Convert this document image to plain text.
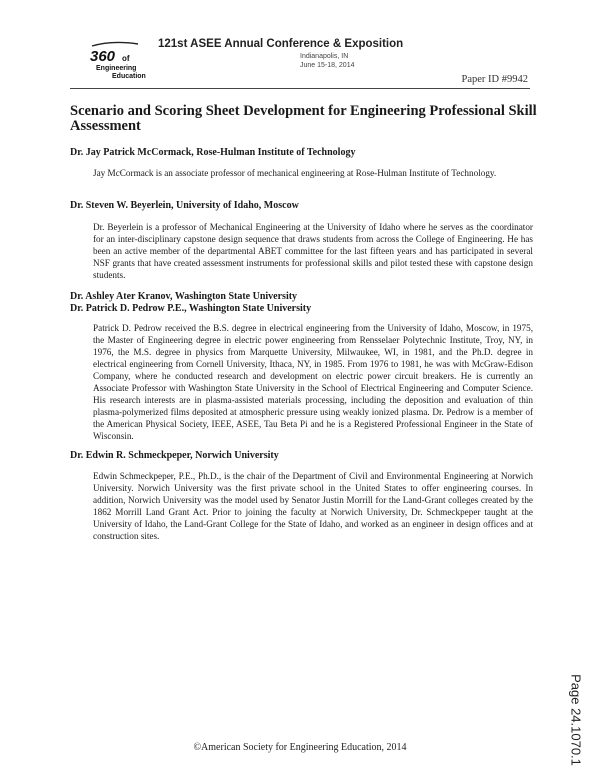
360 of
Engineering
Education
121st ASEE Annual Conference & Exposition
Indianapolis, IN
June 15-18, 2014
Paper ID #9942
Scenario and Scoring Sheet Development for Engineering Professional Skill Assessment
Dr. Jay Patrick McCormack, Rose-Hulman Institute of Technology

Jay McCormack is an associate professor of mechanical engineering at Rose-Hulman Institute of Technology.

Dr. Steven W. Beyerlein, University of Idaho, Moscow

Dr. Beyerlein is a professor of Mechanical Engineering at the University of Idaho where he serves as the coordinator for an inter-disciplinary capstone design sequence that draws students from across the College of Engineering. He has been an active member of the departmental ABET committee for the last fifteen years and has participated in several NSF grants that have created assessment instruments for professional skills and pilot tested these with capstone design students.

Dr. Ashley Ater Kranov, Washington State University
Dr. Patrick D. Pedrow P.E., Washington State University

Patrick D. Pedrow received the B.S. degree in electrical engineering from the University of Idaho, Moscow, in 1975, the Master of Engineering degree in electric power engineering from Rensselaer Polytechnic Institute, Troy, NY, in 1976, the M.S. degree in physics from Marquette University, Milwaukee, WI, in 1981, and the Ph.D. degree in electrical engineering from Cornell University, Ithaca, NY, in 1985. From 1976 to 1981, he was with McGraw-Edison Company, where he conducted research and development on electric power circuit breakers. He is currently an Associate Professor with Washington State University in the School of Electrical Engineering and Computer Science. His research interests are in plasma-assisted materials processing, including the deposition and evaluation of thin plasma-polymerized films deposited at atmospheric pressure using weakly ionized plasma. Dr. Pedrow is a member of the American Physical Society, IEEE, ASEE, Tau Beta Pi and he is a Registered Professional Engineer in the State of Wisconsin.

Dr. Edwin R. Schmeckpeper, Norwich University

Edwin Schmeckpeper, P.E., Ph.D., is the chair of the Department of Civil and Environmental Engineering at Norwich University. Norwich University was the first private school in the United States to offer engineering courses. In addition, Norwich University was the model used by Senator Justin Morrill for the Land-Grant colleges created by the 1862 Morrill Land Grant Act. Prior to joining the faculty at Norwich University, Dr. Schmeckpeper taught at the University of Idaho, the Land-Grant College for the State of Idaho, and worked as an engineer in design offices and at construction sites.

Page 24.1070.1
©American Society for Engineering Education, 2014
